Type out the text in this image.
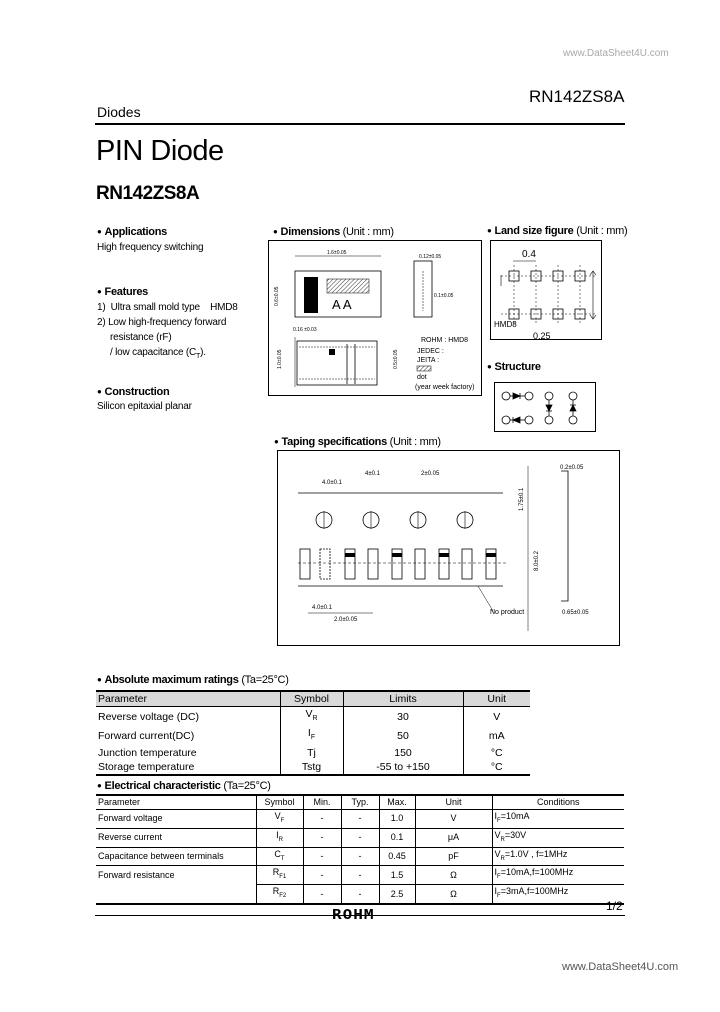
www.DataSheet4U.com
Diodes
RN142ZS8A
PIN Diode
RN142ZS8A
● Applications
High frequency switching
● Features
1)  Ultra small mold type    HMD8
2) Low high-frequency forward
resistance (rF)
/ low capacitance $(C_T)$.
● Construction
Silicon epitaxial planar
● Dimensions (Unit : mm)
1.6±0.05
A A
0.6±0.05
0.12±0.05
0.1±0.05
0.16 ±0.03
1.0±0.05	0.5±0.05
ROHM : HMD8
JEDEC :
JEITA :
dot
(year week factory)
● Land size figure (Unit : mm)
0.4
HMD8
0.25
● Structure
● Taping specifications (Unit : mm)
4.0±0.1
4±0.1	2±0.05
4.0±0.1
2.0±0.05
1.75±0.1
8.0±0.2
0.2±0.05
0.65±0.05
No product
● Absolute maximum ratings (Ta=25°C)
Parameter	Symbol	Limits	Unit
Reverse voltage (DC)	$V_R$	30	V
Forward current(DC)	$I_F$	50	mA
Junction temperature	Tj	150	°C
Storage temperature	Tstg	-55 to +150	°C
● Electrical characteristic (Ta=25°C)
Parameter	Symbol	Min.	Typ.	Max.	Unit	Conditions
Forward voltage	$V_F$	-	-	1.0	V	$I_F=10mA$
Reverse current	$I_R$	-	-	0.1	μA	$V_R=30V$
Capacitance between terminals	$C_T$	-	-	0.45	pF	$V_R=1.0V$ , f=1MHz
Forward resistance	$R_{F1}$	-	-	1.5	Ω	$I_F=10mA,f=100MHz$
	$R_{F2}$	-	-	2.5	Ω	$I_F=3mA,f=100MHz$
1/2
ROHM
www.DataSheet4U.com
